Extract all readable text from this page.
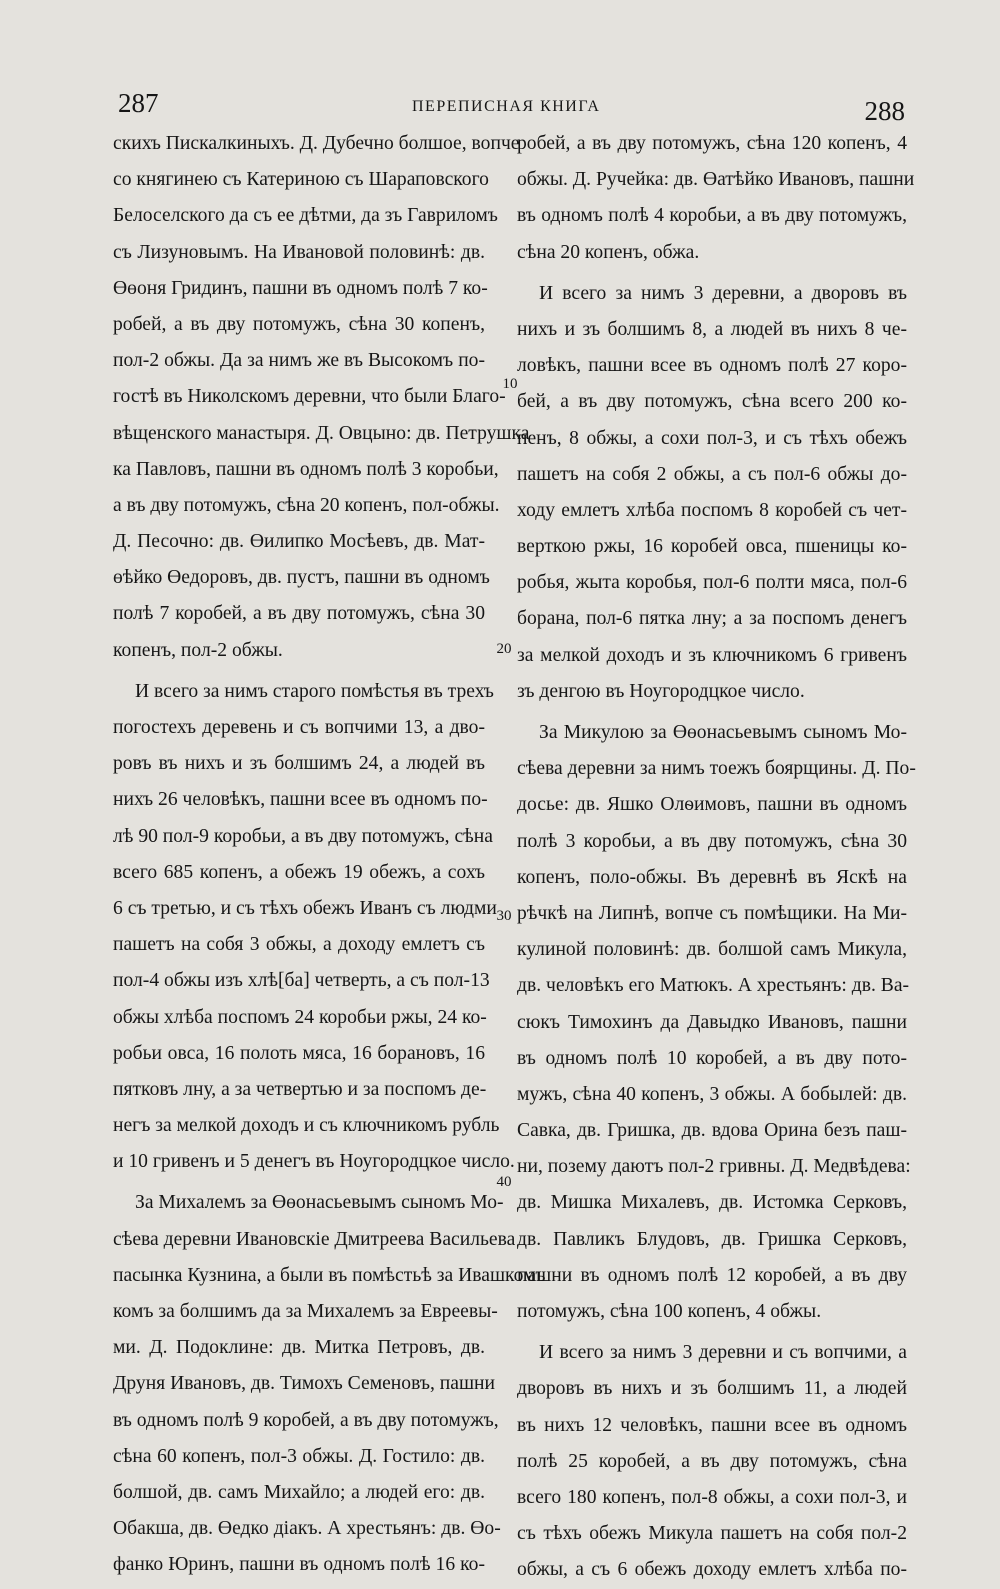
287	ПЕРЕПИСНАЯ КНИГА	288
скихъ Пискалкиныхъ. Д. Дубечно болшое, вопче
со княгинею съ Катериною съ Шараповского
Белоселского да съ ее дѣтми, да зъ Гавриломъ
съ Лизуновымъ. На Ивановой половинѣ: дв.
Өөоня Гридинъ, пашни въ одномъ полѣ 7 ко-
робей, а въ дву потомужъ, сѣна 30 копенъ,
пол-2 обжы. Да за нимъ же въ Высокомъ по-
гостѣ въ Николскомъ деревни, что были Благо-
вѣщенского манастыря. Д. Овцыно: дв. Петрушка
ка Павловъ, пашни въ одномъ полѣ 3 коробьи,
а въ дву потомужъ, сѣна 20 копенъ, пол-обжы.
Д. Песочно: дв. Өилипко Мосѣевъ, дв. Мат-
өѣйко Өедоровъ, дв. пустъ, пашни въ одномъ
полѣ 7 коробей, а въ дву потомужъ, сѣна 30
копенъ, пол-2 обжы.
И всего за нимъ старого помѣстья въ трехъ
погостехъ деревень и съ вопчими 13, а дво-
ровъ въ нихъ и зъ болшимъ 24, а людей въ
нихъ 26 человѣкъ, пашни всее въ одномъ по-
лѣ 90 пол-9 коробьи, а въ дву потомужъ, сѣна
всего 685 копенъ, а обежъ 19 обежъ, а сохъ
6 съ третью, и съ тѣхъ обежъ Иванъ съ людми
пашетъ на собя 3 обжы, а доходу емлетъ съ
пол-4 обжы изъ хлѣ[ба] четверть, а съ пол-13
обжы хлѣба поспомъ 24 коробьи ржы, 24 ко-
робьи овса, 16 полоть мяса, 16 борановъ, 16
пятковъ лну, а за четвертью и за поспомъ де-
негъ за мелкой доходъ и съ ключникомъ рубль
и 10 гривенъ и 5 денегъ въ Ноугородцкое число.
За Михалемъ за Өөонасьевымъ сыномъ Мо-
сѣева деревни Ивановскіе Дмитреева Васильева
пасынка Кузнина, а были въ помѣстьѣ за Ивашкомъ
комъ за болшимъ да за Михалемъ за Евреевы-
ми. Д. Подоклине: дв. Митка Петровъ, дв.
Друня Ивановъ, дв. Тимохъ Семеновъ, пашни
въ одномъ полѣ 9 коробей, а въ дву потомужъ,
сѣна 60 копенъ, пол-3 обжы. Д. Гостило: дв.
болшой, дв. самъ Михайло; а людей его: дв.
Обакша, дв. Өедко діакъ. А хрестьянъ: дв. Өо-
фанко Юринъ, пашни въ одномъ полѣ 16 ко-
робей, а въ дву потомужъ, сѣна 120 копенъ, 4
обжы. Д. Ручейка: дв. Өатѣйко Ивановъ, пашни
въ одномъ полѣ 4 коробьи, а въ дву потомужъ,
сѣна 20 копенъ, обжа.
И всего за нимъ 3 деревни, а дворовъ въ
нихъ и зъ болшимъ 8, а людей въ нихъ 8 че-
ловѣкъ, пашни всее въ одномъ полѣ 27 коро-
бей, а въ дву потомужъ, сѣна всего 200 ко-
пенъ, 8 обжы, а сохи пол-3, и съ тѣхъ обежъ
пашетъ на собя 2 обжы, а съ пол-6 обжы до-
ходу емлетъ хлѣба поспомъ 8 коробей съ чет-
верткою ржы, 16 коробей овса, пшеницы ко-
робья, жыта коробья, пол-6 полти мяса, пол-6
борана, пол-6 пятка лну; а за поспомъ денегъ
за мелкой доходъ и зъ ключникомъ 6 гривенъ
зъ денгою въ Ноугородцкое число.
За Микулою за Өөонасьевымъ сыномъ Мо-
сѣева деревни за нимъ тоежъ боярщины. Д. По-
досье: дв. Яшко Олѳимовъ, пашни въ одномъ
полѣ 3 коробьи, а въ дву потомужъ, сѣна 30
копенъ, поло-обжы. Въ деревнѣ въ Яскѣ на
рѣчкѣ на Липнѣ, вопче съ помѣщики. На Ми-
кулиной половинѣ: дв. болшой самъ Микула,
дв. человѣкъ его Матюкъ. А хрестьянъ: дв. Ва-
сюкъ Тимохинъ да Давыдко Ивановъ, пашни
въ одномъ полѣ 10 коробей, а въ дву пото-
мужъ, сѣна 40 копенъ, 3 обжы. А бобылей: дв.
Савка, дв. Гришка, дв. вдова Орина безъ паш-
ни, позему даютъ пол-2 гривны. Д. Медвѣдева:
дв. Мишка Михалевъ, дв. Истомка Серковъ,
дв. Павликъ Блудовъ, дв. Гришка Серковъ,
пашни въ одномъ полѣ 12 коробей, а въ дву
потомужъ, сѣна 100 копенъ, 4 обжы.
И всего за нимъ 3 деревни и съ вопчими, а
дворовъ въ нихъ и зъ болшимъ 11, а людей
въ нихъ 12 человѣкъ, пашни всее въ одномъ
полѣ 25 коробей, а въ дву потомужъ, сѣна
всего 180 копенъ, пол-8 обжы, а сохи пол-3, и
съ тѣхъ обежъ Микула пашетъ на собя пол-2
обжы, а съ 6 обежъ доходу емлетъ хлѣба по-
10
20
30
40
